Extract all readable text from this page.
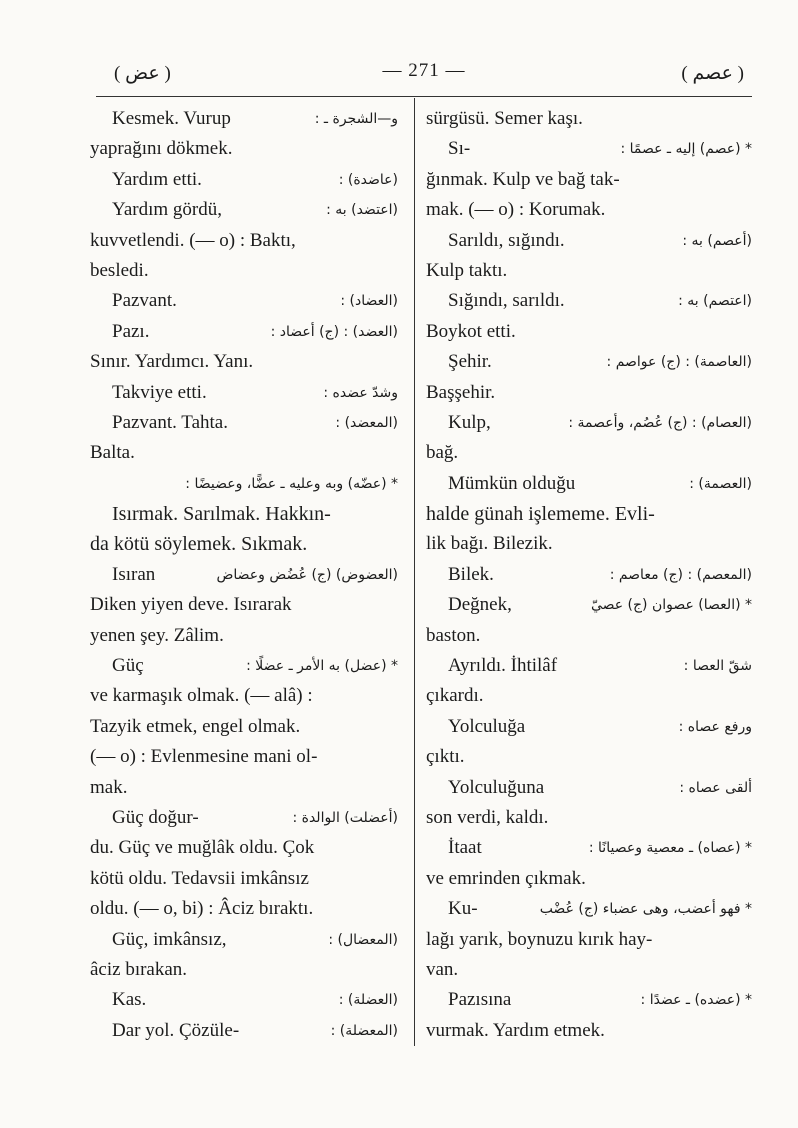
( عض )	— 271 —	( عصم )
Kesmek. Vurup	و—الشجرة ـ :
yaprağını dökmek.
Yardım etti.	(عاضدة) :
Yardım gördü,	(اعتضد) به :
kuvvetlendi. (— o) : Baktı,
besledi.
Pazvant.	(العضاد) :
Pazı.	(العضد) : (ج) أعضاد :
Sınır. Yardımcı. Yanı.
Takviye etti.	وشدّ عضده :
Pazvant. Tahta.	(المعضد) :
Balta.
* (عضّه) وبه وعليه ـ عضًّا، وعضيضًا :
Isırmak. Sarılmak. Hakkın-
da kötü söylemek. Sıkmak.
Isıran	(العضوض) (ج) عُضُض وعضاض
Diken yiyen deve. Isırarak
yenen şey. Zâlim.
Güç	* (عضل) به الأمر ـ عضلًا :
ve karmaşık olmak. (— alâ) :
Tazyik etmek, engel olmak.
(— o) : Evlenmesine mani ol-
mak.
Güç doğur-	(أعضلت) الوالدة :
du. Güç ve muğlâk oldu. Çok
kötü oldu. Tedavsii imkânsız
oldu. (— o, bi) : Âciz bıraktı.
Güç, imkânsız,	(المعضال) :
âciz bırakan.
Kas.	(العضلة) :
Dar yol. Çözüle-	(المعضلة) :
sürgüsü. Semer kaşı.
Sı-	* (عصم) إليه ـ عصمًا :
ğınmak. Kulp ve bağ tak-
mak. (— o) : Korumak.
Sarıldı, sığındı.	(أعصم) به :
Kulp taktı.
Sığındı, sarıldı.	(اعتصم) به :
Boykot etti.
Şehir.	(العاصمة) : (ج) عواصم :
Başşehir.
Kulp,	(العصام) : (ج) عُصُم، وأعصمة :
bağ.
Mümkün olduğu	(العصمة) :
halde günah işlememe. Evli-
lik bağı. Bilezik.
Bilek.	(المعصم) : (ج) معاصم :
Değnek,	* (العصا) عصوان (ج) عصيّ
baston.
Ayrıldı. İhtilâf	شقّ العصا :
çıkardı.
Yolculuğa	ورفع عصاه :
çıktı.
Yolculuğuna	ألقى عصاه :
son verdi, kaldı.
İtaat	* (عصاه) ـ معصية وعصيانًا :
ve emrinden çıkmak.
Ku-	* فهو أعضب، وهى عضباء (ج) عُضْب
lağı yarık, boynuzu kırık hay-
van.
Pazısına	* (عضده) ـ عضدًا :
vurmak. Yardım etmek.
